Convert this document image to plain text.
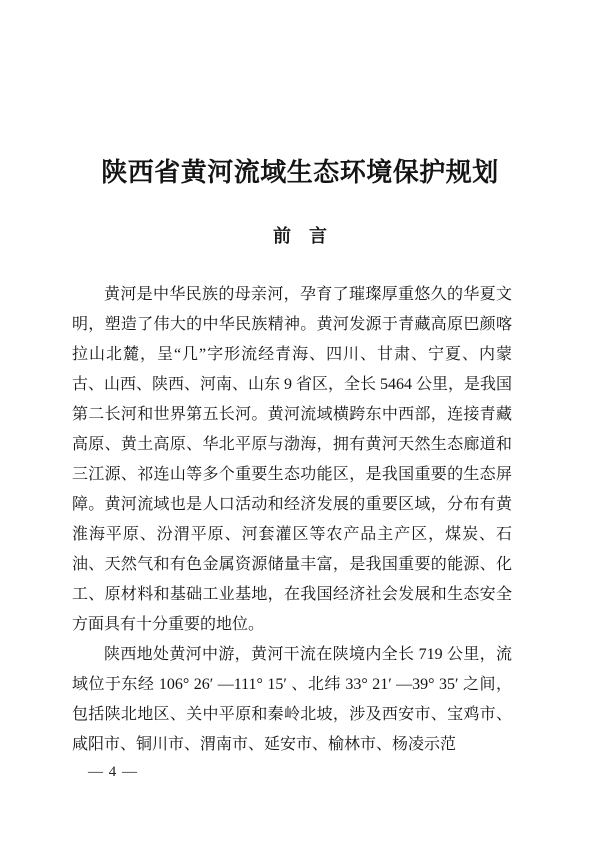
陕西省黄河流域生态环境保护规划
前　言

黄河是中华民族的母亲河，孕育了璀璨厚重悠久的华夏文明，塑造了伟大的中华民族精神。黄河发源于青藏高原巴颜喀拉山北麓，呈“几”字形流经青海、四川、甘肃、宁夏、内蒙古、山西、陕西、河南、山东 9 省区，全长 5464 公里，是我国第二长河和世界第五长河。黄河流域横跨东中西部，连接青藏高原、黄土高原、华北平原与渤海，拥有黄河天然生态廊道和三江源、祁连山等多个重要生态功能区，是我国重要的生态屏障。黄河流域也是人口活动和经济发展的重要区域，分布有黄淮海平原、汾渭平原、河套灌区等农产品主产区，煤炭、石油、天然气和有色金属资源储量丰富，是我国重要的能源、化工、原材料和基础工业基地，在我国经济社会发展和生态安全方面具有十分重要的地位。

陕西地处黄河中游，黄河干流在陕境内全长 719 公里，流域位于东经 106° 26′ —111° 15′ 、北纬 33° 21′ —39° 35′ 之间，包括陕北地区、关中平原和秦岭北坡，涉及西安市、宝鸡市、咸阳市、铜川市、渭南市、延安市、榆林市、杨凌示范

— 4 —
